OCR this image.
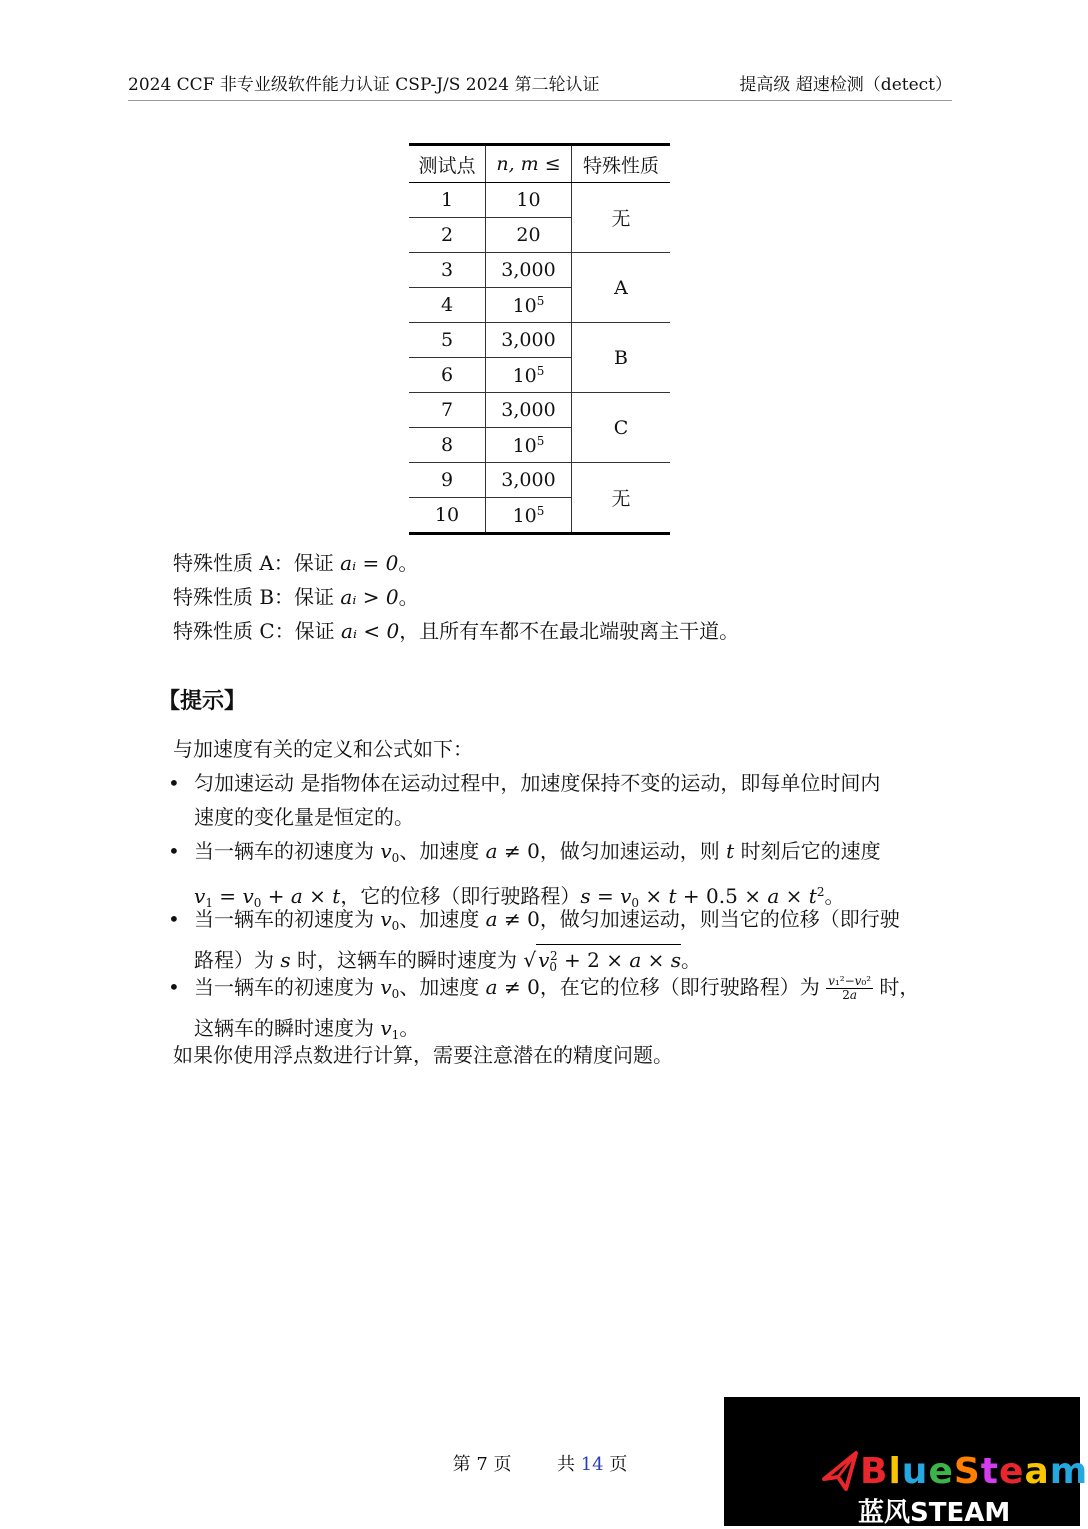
2024 CCF 非专业级软件能力认证 CSP-J/S 2024 第二轮认证	提高级 超速检测（detect）
测试点	n, m ≤	特殊性质
1	10	无
2	20	
3	3,000	A
4	$10^5$
5	3,000	B
6	$10^5$
7	3,000	C
8	$10^5$
9	3,000	无
10	$10^5$
特殊性质 A：保证 aᵢ = 0。
特殊性质 B：保证 aᵢ > 0。
特殊性质 C：保证 aᵢ < 0，且所有车都不在最北端驶离主干道。
【提示】
与加速度有关的定义和公式如下：
• 匀加速运动 是指物体在运动过程中，加速度保持不变的运动，即每单位时间内
速度的变化量是恒定的。
• 当一辆车的初速度为 $v_0$、加速度 a ≠ 0，做匀加速运动，则 t 时刻后它的速度
$v_1 = v_0 + a \times t$，它的位移（即行驶路程）$s = v_0 \times t + 0.5 \times a \times t^2$。
• 当一辆车的初速度为 $v_0$、加速度 a ≠ 0，做匀加速运动，则当它的位移（即行驶
路程）为 s 时，这辆车的瞬时速度为 √ $v_0^2 + 2 \times a \times s$。
• 当一辆车的初速度为 $v_0$、加速度 a ≠ 0，在它的位移（即行驶路程）为 $\frac{\text{v₁²−v₀²}}{2a}$ 时，
这辆车的瞬时速度为 $v_1$。
如果你使用浮点数进行计算，需要注意潜在的精度问题。
第 7 页	共 14 页	BlueSteam
蓝风STEAM
